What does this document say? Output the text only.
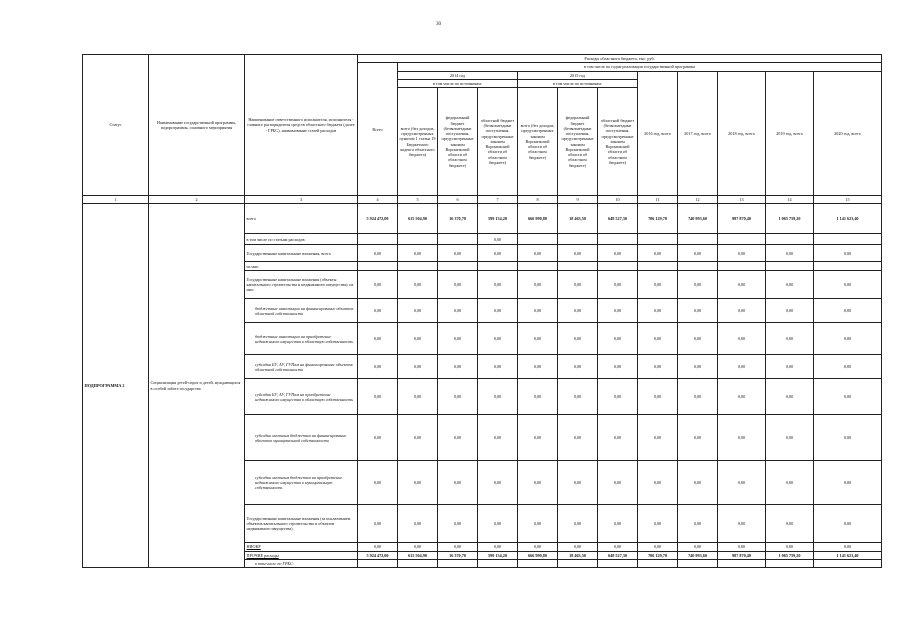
30
Статус	Наименование государственной программы, подпрограммы, основного мероприятия	Наименование ответственного исполнителя, исполнителя - главного распорядителя средств областного бюджета (далее - ГРБС), наименование статей расходов	Расходы областного бюджета, тыс. руб.											
			Всего	в том числе по годам реализации государственной программы										
				2014 год			2015 год			2016 год, всего	2017 год, всего	2018 год, всего	2019 год, всего	2020 год, всего
				в том числе по источникам:			в том числе по источникам:							
				всего (без доходов, предусмотренных пунктом 1 статьи 19 Бюджетного кодекса областного бюджета)	федеральный бюджет (безвозмездные поступления, предусмотренные законом Воронежской области об областном бюджете)	областной бюджет (безвозмездные поступления, предусмотренные законом Воронежской области об областном бюджете)	всего (без доходов, предусмотренных законом Воронежской области об областном бюджете)	федеральный бюджет (безвозмездные поступления, предусмотренные законом Воронежской области об областном бюджете)	областной бюджет (безвозмездные поступления, предусмотренные законом Воронежской области об областном бюджете)					
1	2	3	4	5	6	7	8	9	10	11	12	13	14	15
ПОДПРОГРАММА 2	Социализация детей-сирот и детей, нуждающихся в особой заботе государства	всего	5 924 472,00	615 504,90	16 370,70	599 134,20	666 990,80	18 463,50	648 527,30	706 129,70	740 993,60	987 870,40	1 065 759,20	1 141 623,40
		в том числе по статьям расходов:				0,00								
		Государственные капитальные вложения, всего	0,00	0,00	0,00	0,00	0,00	0,00	0,00	0,00	0,00	0,00	0,00	0,00
		из них:												
		Государственные капитальные вложения (объекты капитального строительства и недвижимого имущества), из них:	0,00	0,00	0,00	0,00	0,00	0,00	0,00	0,00	0,00	0,00	0,00	0,00
		бюджетные инвестиции на финансирование объектов областной собственности	0,00	0,00	0,00	0,00	0,00	0,00	0,00	0,00	0,00	0,00	0,00	0,00
		бюджетные инвестиции на приобретение недвижимого имущества в областную собственность	0,00	0,00	0,00	0,00	0,00	0,00	0,00	0,00	0,00	0,00	0,00	0,00
		субсидии БУ, АУ, ГУПам на финансирование объектов областной собственности	0,00	0,00	0,00	0,00	0,00	0,00	0,00	0,00	0,00	0,00	0,00	0,00
		субсидии БУ, АУ, ГУПам на приобретение недвижимого имущества в областную собственность	0,00	0,00	0,00	0,00	0,00	0,00	0,00	0,00	0,00	0,00	0,00	0,00
		субсидии местным бюджетам на финансирование объектов муниципальной собственности	0,00	0,00	0,00	0,00	0,00	0,00	0,00	0,00	0,00	0,00	0,00	0,00
		субсидии местным бюджетам на приобретение недвижимого имущества в муниципальную собственность	0,00	0,00	0,00	0,00	0,00	0,00	0,00	0,00	0,00	0,00	0,00	0,00
		Государственные капитальные вложения (за исключением объектов капитального строительства и объектов недвижимого имущества)	0,00	0,00	0,00	0,00	0,00	0,00	0,00	0,00	0,00	0,00	0,00	0,00
		НИОКР	0,00	0,00	0,00	0,00	0,00	0,00	0,00	0,00	0,00	0,00	0,00	0,00
		ПРОЧИЕ расходы	5 924 472,00	615 504,90	16 370,70	599 134,20	666 990,80	18 463,50	648 527,30	706 129,70	740 993,60	987 870,40	1 065 759,20	1 141 623,40
		в том числе по ГРБС:												
